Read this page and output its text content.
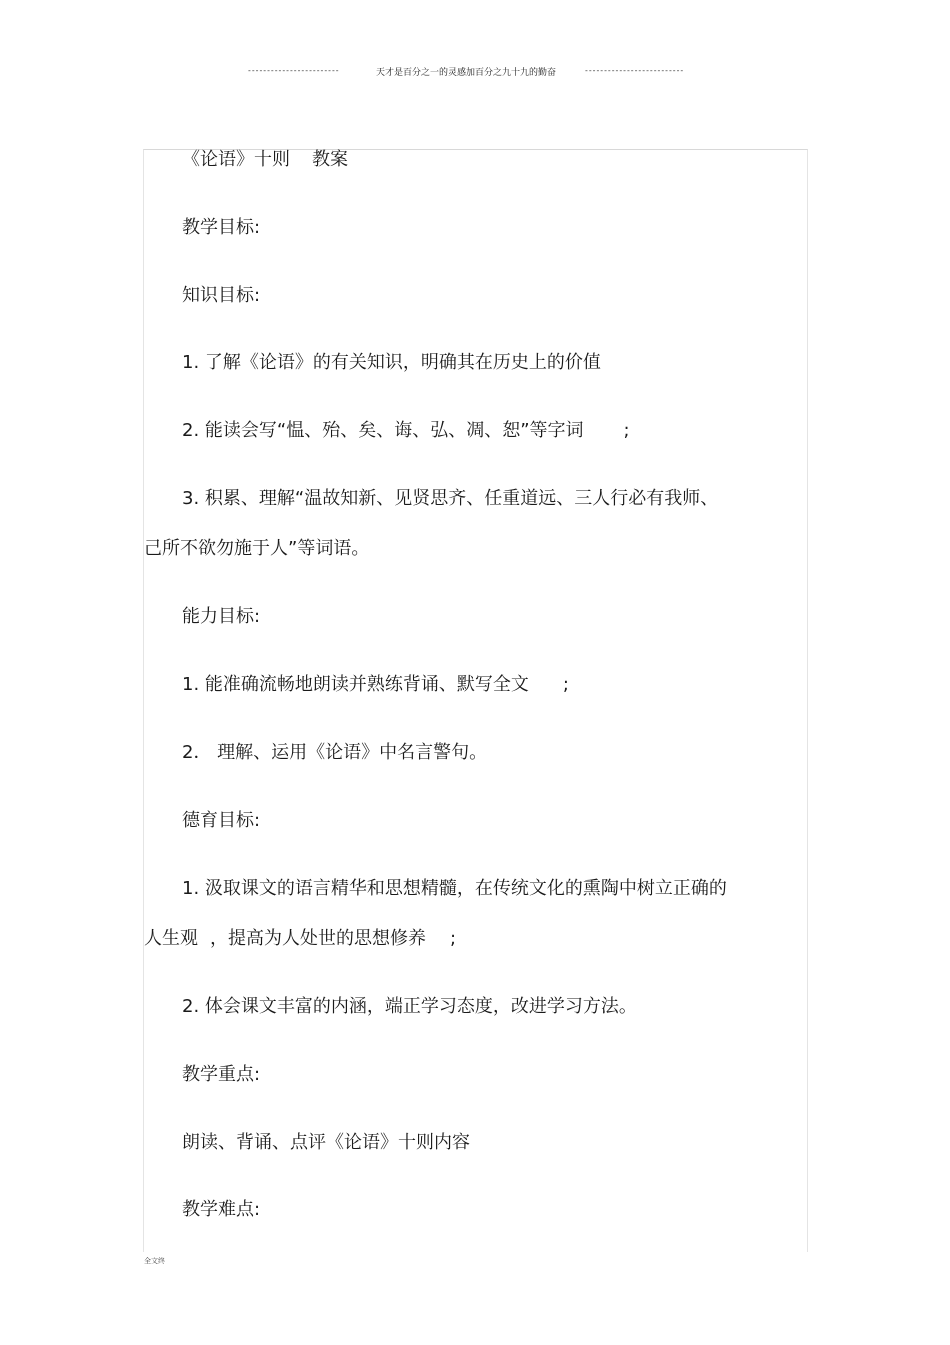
------------------------	天才是百分之一的灵感加百分之九十九的勤奋	--------------------------
《论语》十则 教案
教学目标:
知识目标:
1. 了解《论语》的有关知识，明确其在历史上的价值
2. 能读会写“愠、殆、矣、诲、弘、凋、恕”等字词 ;
3. 积累、理解“温故知新、见贤思齐、任重道远、三人行必有我师、
己所不欲勿施于人”等词语。
能力目标:
1. 能准确流畅地朗读并熟练背诵、默写全文 ;
2． 理解、运用《论语》中名言警句。
德育目标:
1. 汲取课文的语言精华和思想精髓，在传统文化的熏陶中树立正确的
人生观 ，提高为人处世的思想修养 ;
2. 体会课文丰富的内涵，端正学习态度，改进学习方法。
教学重点:
朗读、背诵、点评《论语》十则内容
教学难点:
全文终
